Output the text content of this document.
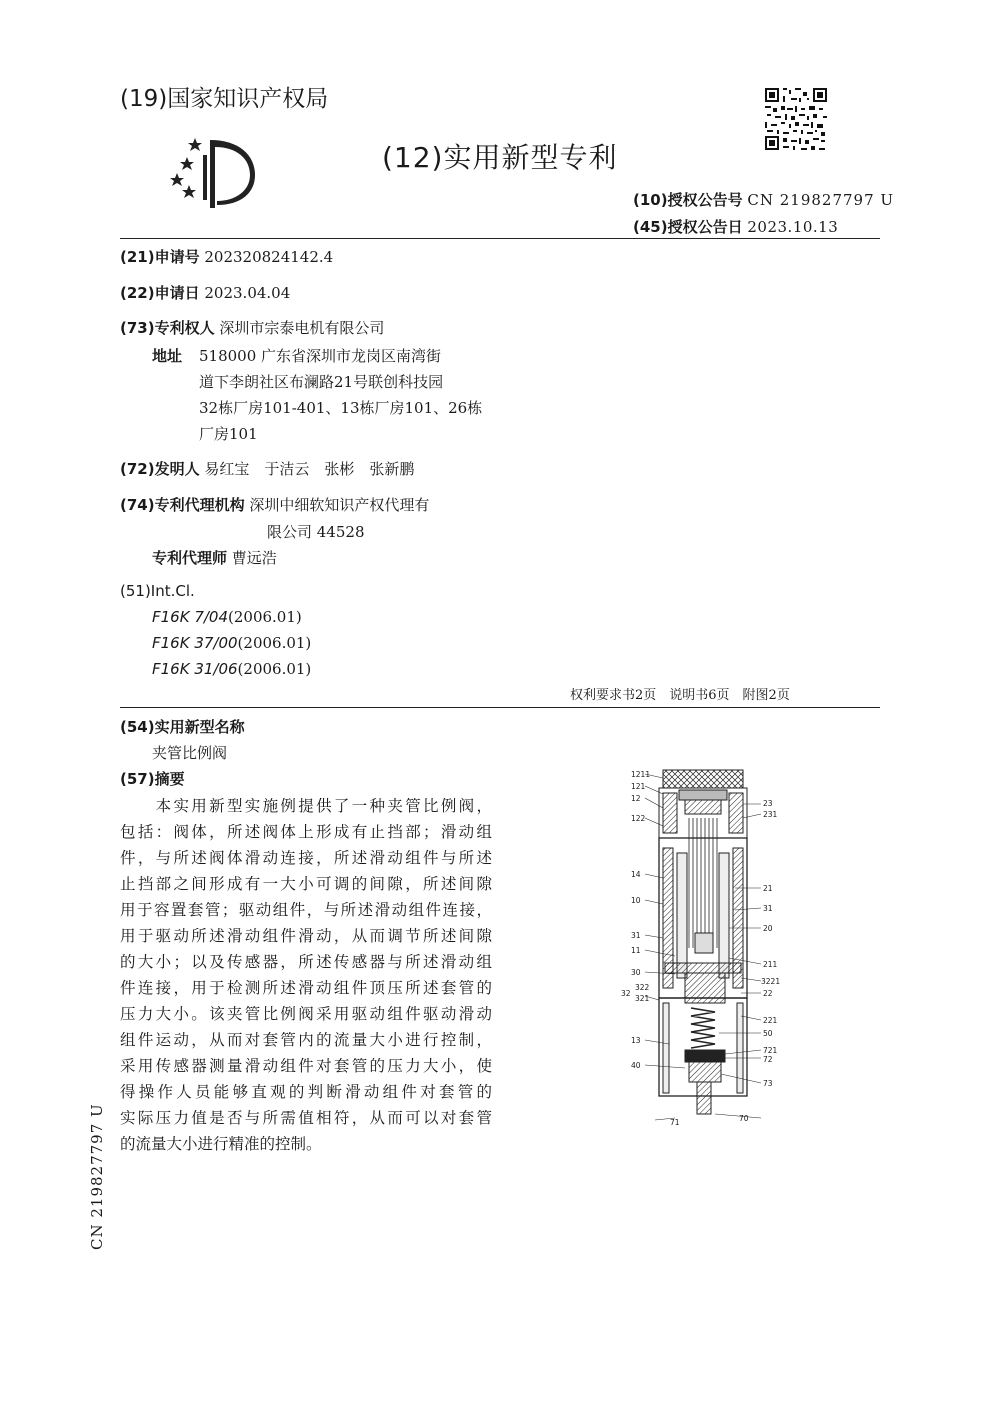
(19)国家知识产权局
(12)实用新型专利
(10)授权公告号 CN 219827797 U
(45)授权公告日 2023.10.13
(21)申请号 202320824142.4
(22)申请日 2023.04.04
(73)专利权人 深圳市宗泰电机有限公司
地址 518000 广东省深圳市龙岗区南湾街
道下李朗社区布澜路21号联创科技园
32栋厂房101-401、13栋厂房101、26栋
厂房101
(72)发明人 易红宝　于洁云　张彬　张新鹏
(74)专利代理机构 深圳中细软知识产权代理有
限公司 44528
专利代理师 曹远浩
(51)Int.Cl.
F16K 7/04(2006.01)
F16K 37/00(2006.01)
F16K 31/06(2006.01)
权利要求书2页　说明书6页　附图2页
(54)实用新型名称
夹管比例阀
(57)摘要
　　本实用新型实施例提供了一种夹管比例阀，
包括：阀体，所述阀体上形成有止挡部；滑动组
件，与所述阀体滑动连接，所述滑动组件与所述
止挡部之间形成有一大小可调的间隙，所述间隙
用于容置套管；驱动组件，与所述滑动组件连接，
用于驱动所述滑动组件滑动，从而调节所述间隙
的大小；以及传感器，所述传感器与所述滑动组
件连接，用于检测所述滑动组件顶压所述套管的
压力大小。该夹管比例阀采用驱动组件驱动滑动
组件运动，从而对套管内的流量大小进行控制，
采用传感器测量滑动组件对套管的压力大小，使
得操作人员能够直观的判断滑动组件对套管的
实际压力值是否与所需值相符，从而可以对套管
的流量大小进行精准的控制。
CN 219827797 U
1211
121
12
122
14
10
31
11
30
322
32
321
13
40
71
23
231
21
31
20
211
3221
22
221
50
721
72
73
70
